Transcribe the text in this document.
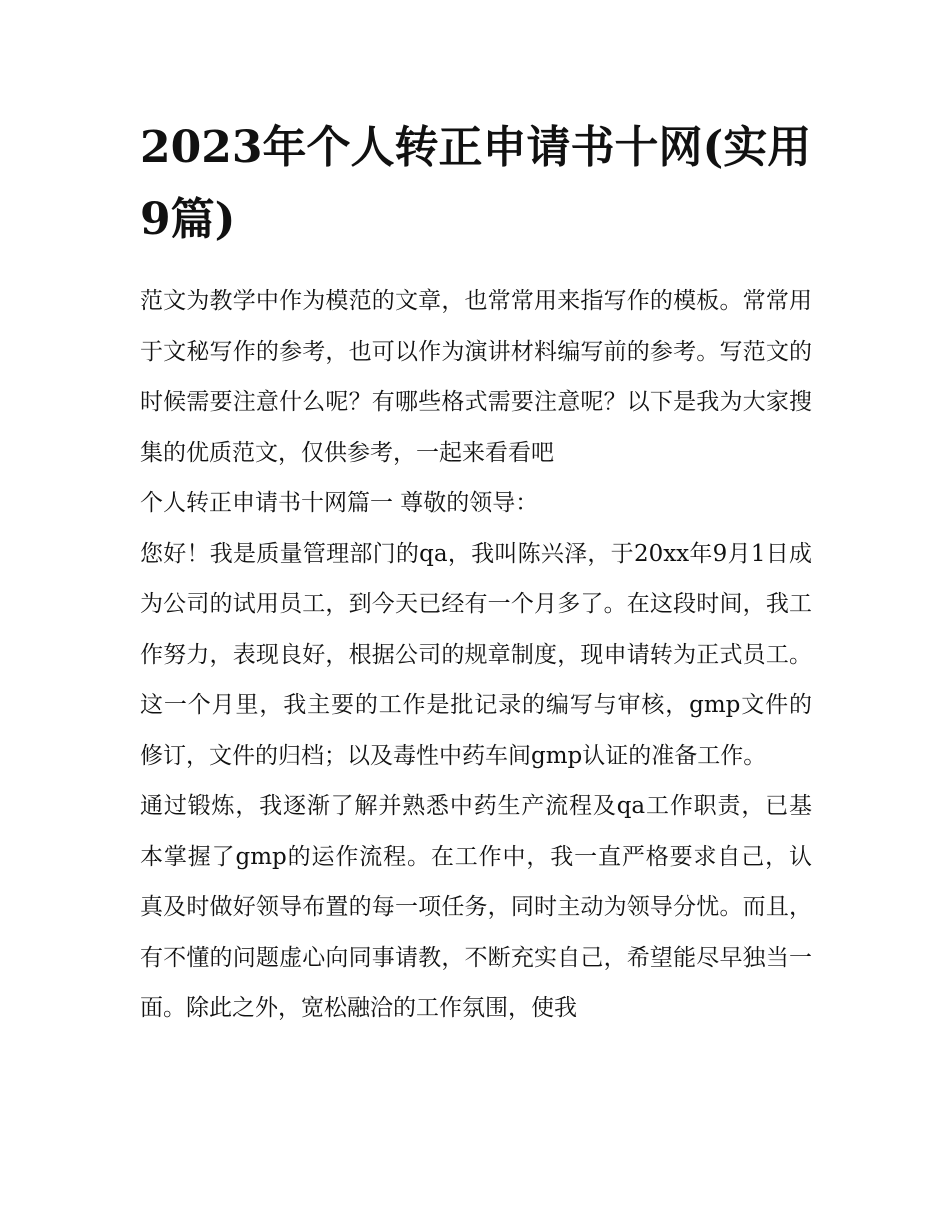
2023年个人转正申请书十网(实用9篇)

范文为教学中作为模范的文章，也常常用来指写作的模板。常常用于文秘写作的参考，也可以作为演讲材料编写前的参考。写范文的时候需要注意什么呢？有哪些格式需要注意呢？以下是我为大家搜集的优质范文，仅供参考，一起来看看吧

个人转正申请书十网篇一 尊敬的领导：

您好！我是质量管理部门的qa，我叫陈兴泽，于20xx年9月1日成为公司的试用员工，到今天已经有一个月多了。在这段时间，我工作努力，表现良好，根据公司的规章制度，现申请转为正式员工。这一个月里，我主要的工作是批记录的编写与审核，gmp文件的修订，文件的归档；以及毒性中药车间gmp认证的准备工作。

通过锻炼，我逐渐了解并熟悉中药生产流程及qa工作职责，已基本掌握了gmp的运作流程。在工作中，我一直严格要求自己，认真及时做好领导布置的每一项任务，同时主动为领导分忧。而且，有不懂的问题虚心向同事请教，不断充实自己，希望能尽早独当一面。除此之外，宽松融洽的工作氛围，使我
